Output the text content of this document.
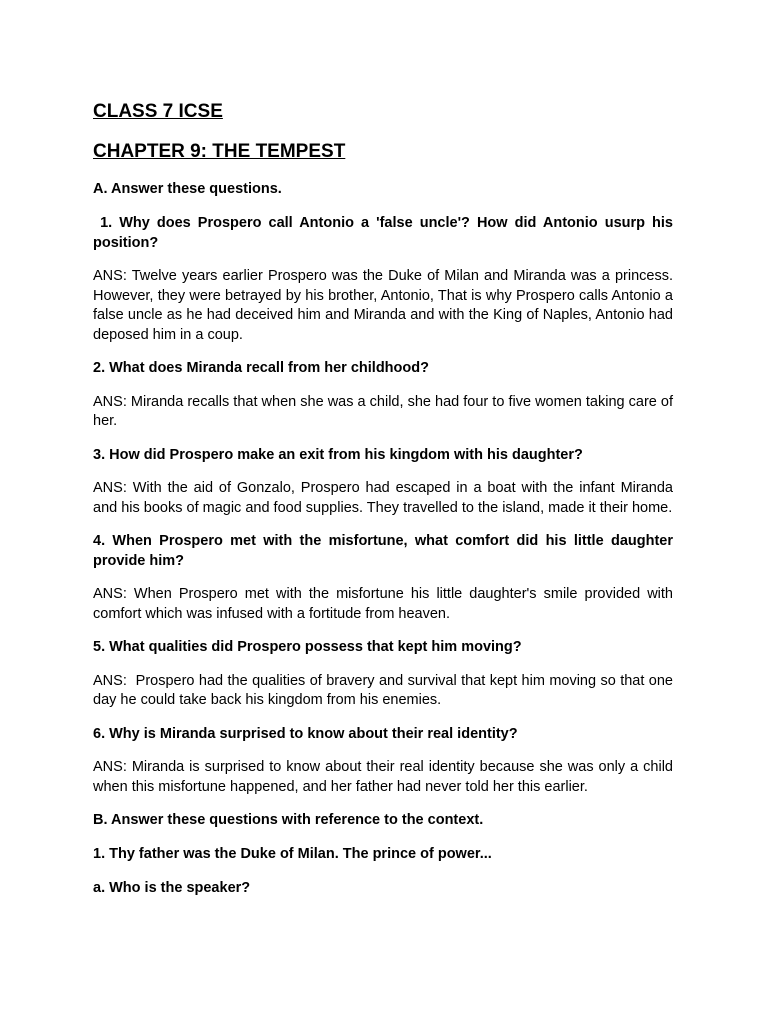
CLASS 7 ICSE

CHAPTER 9: THE TEMPEST

A. Answer these questions.

1. Why does Prospero call Antonio a 'false uncle'? How did Antonio usurp his position?

ANS: Twelve years earlier Prospero was the Duke of Milan and Miranda was a princess. However, they were betrayed by his brother, Antonio, That is why Prospero calls Antonio a false uncle as he had deceived him and Miranda and with the King of Naples, Antonio had deposed him in a coup.

2. What does Miranda recall from her childhood?

ANS: Miranda recalls that when she was a child, she had four to five women taking care of her.

3. How did Prospero make an exit from his kingdom with his daughter?

ANS: With the aid of Gonzalo, Prospero had escaped in a boat with the infant Miranda and his books of magic and food supplies. They travelled to the island, made it their home.

4. When Prospero met with the misfortune, what comfort did his little daughter provide him?

ANS: When Prospero met with the misfortune his little daughter's smile provided with comfort which was infused with a fortitude from heaven.

5. What qualities did Prospero possess that kept him moving?

ANS:  Prospero had the qualities of bravery and survival that kept him moving so that one day he could take back his kingdom from his enemies.

6. Why is Miranda surprised to know about their real identity?

ANS: Miranda is surprised to know about their real identity because she was only a child when this misfortune happened, and her father had never told her this earlier.

B. Answer these questions with reference to the context.

1. Thy father was the Duke of Milan. The prince of power...

a. Who is the speaker?
